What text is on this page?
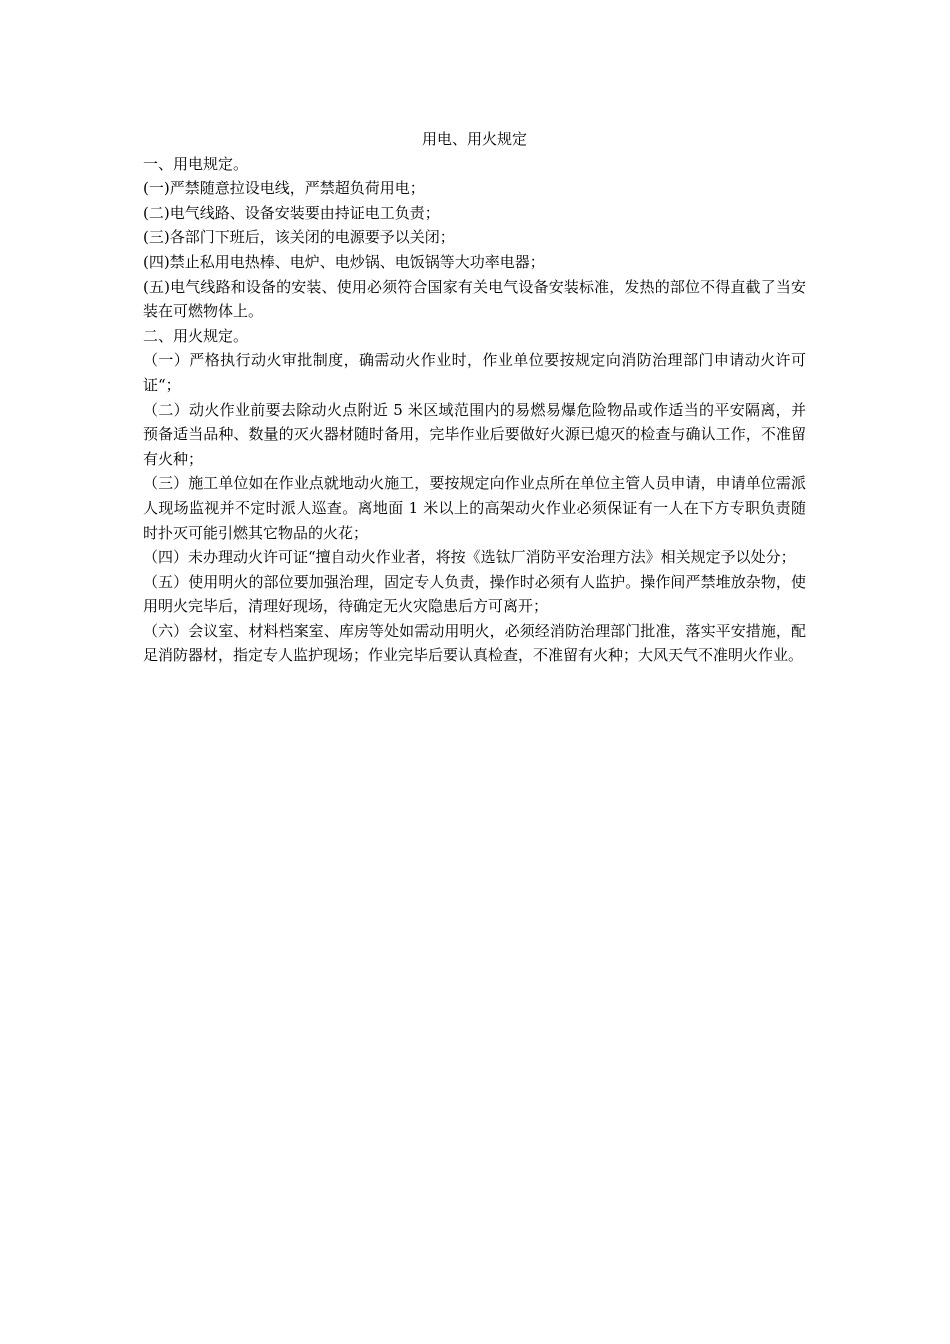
用电、用火规定

一、用电规定。

(一)严禁随意拉设电线，严禁超负荷用电；

(二)电气线路、设备安装要由持证电工负责；

(三)各部门下班后，该关闭的电源要予以关闭；

(四)禁止私用电热棒、电炉、电炒锅、电饭锅等大功率电器；

(五)电气线路和设备的安装、使用必须符合国家有关电气设备安装标准，发热的部位不得直截了当安装在可燃物体上。

二、用火规定。

（一）严格执行动火审批制度，确需动火作业时，作业单位要按规定向消防治理部门申请动火许可证“；

（二）动火作业前要去除动火点附近 5 米区域范围内的易燃易爆危险物品或作适当的平安隔离，并预备适当品种、数量的灭火器材随时备用，完毕作业后要做好火源已熄灭的检查与确认工作，不准留有火种；

（三）施工单位如在作业点就地动火施工，要按规定向作业点所在单位主管人员申请，申请单位需派人现场监视并不定时派人巡查。离地面 1 米以上的高架动火作业必须保证有一人在下方专职负责随时扑灭可能引燃其它物品的火花；

（四）未办理动火许可证“擅自动火作业者，将按《选钛厂消防平安治理方法》相关规定予以处分；

（五）使用明火的部位要加强治理，固定专人负责，操作时必须有人监护。操作间严禁堆放杂物，使用明火完毕后，清理好现场，待确定无火灾隐患后方可离开；

（六）会议室、材料档案室、库房等处如需动用明火，必须经消防治理部门批准，落实平安措施，配足消防器材，指定专人监护现场；作业完毕后要认真检查，不准留有火种；大风天气不准明火作业。
